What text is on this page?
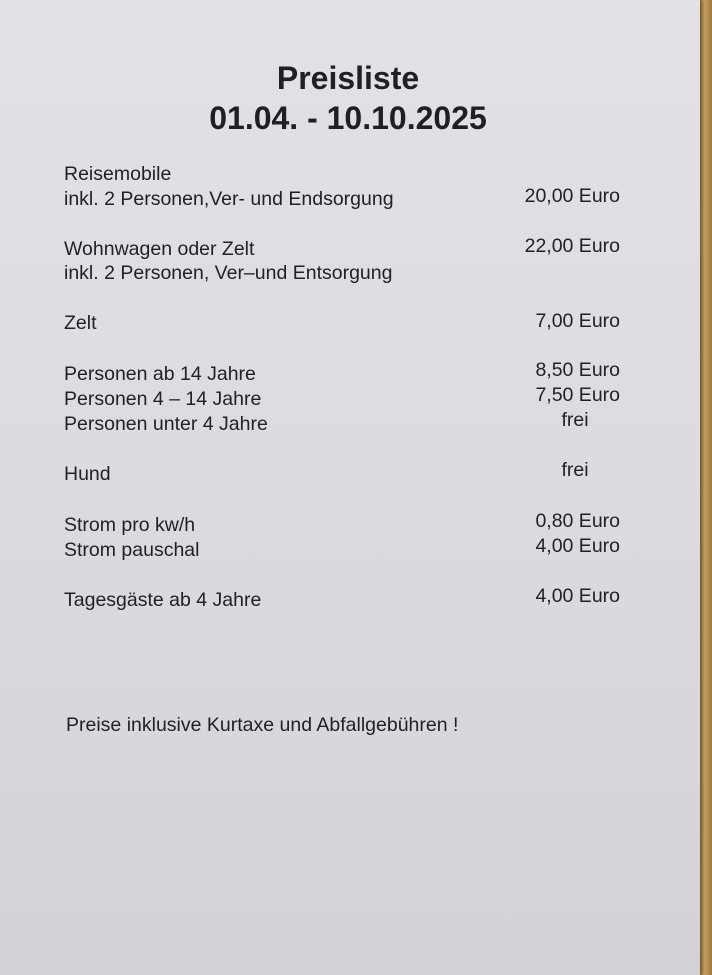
Preisliste
01.04. - 10.10.2025
Reisemobile
inkl. 2 Personen,Ver- und Endsorgung	20,00 Euro
Wohnwagen oder Zelt	22,00 Euro
inkl. 2 Personen, Ver–und Entsorgung
Zelt	7,00 Euro
Personen ab 14 Jahre	8,50 Euro
Personen 4 – 14 Jahre	7,50 Euro
Personen unter 4 Jahre	frei
Hund	frei
Strom pro kw/h	0,80 Euro
Strom pauschal	4,00 Euro
Tagesgäste ab 4 Jahre	4,00 Euro
Preise inklusive Kurtaxe und Abfallgebühren !
